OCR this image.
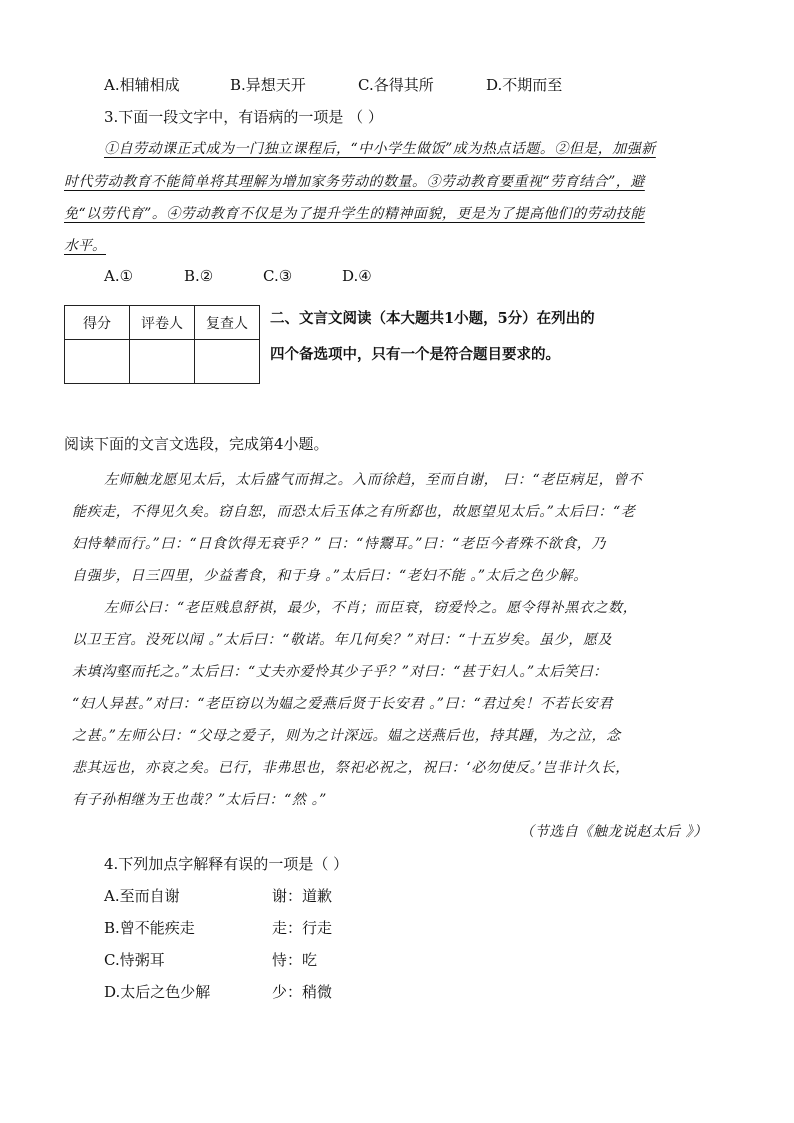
A.相辅相成	B.异想天开	C.各得其所	D.不期而至
3.下面一段文字中，有语病的一项是 （ ）
①自劳动课正式成为一门独立课程后，“中小学生做饭”成为热点话题。②但是，加强新
时代劳动教育不能简单将其理解为增加家务劳动的数量。③劳动教育要重视“劳育结合”，避
免“以劳代育”。④劳动教育不仅是为了提升学生的精神面貌，更是为了提高他们的劳动技能
水平。
A.①	B.②	C.③	D.④
得分	评卷人	复查人
		二、文言文阅读（本大题共1小题，5分）在列出的
四个备选项中，只有一个是符合题目要求的。
阅读下面的文言文选段，完成第4小题。
左师触龙愿见太后，太后盛气而揖之。入而徐趋，至而自谢， 曰：“老臣病足，曾不
能疾走，不得见久矣。窃自恕，而恐太后玉体之有所郄也，故愿望见太后。”太后曰：“老
妇恃辇而行。”曰：“日食饮得无衰乎？” 曰：“恃鬻耳。”曰：“老臣今者殊不欲食，乃
自强步，日三四里，少益耆食，和于身 。”太后曰：“老妇不能 。”太后之色少解。
左师公曰：“老臣贱息舒祺，最少，不肖；而臣衰，窃爱怜之。愿令得补黑衣之数，
以卫王宫。没死以闻 。”太后曰：“敬诺。年几何矣？”对曰：“十五岁矣。虽少，愿及
未填沟壑而托之。”太后曰：“丈夫亦爱怜其少子乎？”对曰：“甚于妇人。”太后笑曰：
“妇人异甚。”对曰：“老臣窃以为媪之爱燕后贤于长安君 。”曰：“君过矣！不若长安君
之甚。”左师公曰：“父母之爱子，则为之计深远。媪之送燕后也，持其踵，为之泣，念
悲其远也，亦哀之矣。已行，非弗思也，祭祀必祝之，祝曰：‘必勿使反。’岂非计久长，
有子孙相继为王也哉？”太后曰：“然 。”
（节选自《触龙说赵太后 》）
4.下列加点字解释有误的一项是（ ）
A.至而自谢	谢：道歉
B.曾不能疾走	走：行走
C.恃粥耳	恃：吃
D.太后之色少解	少：稍微
